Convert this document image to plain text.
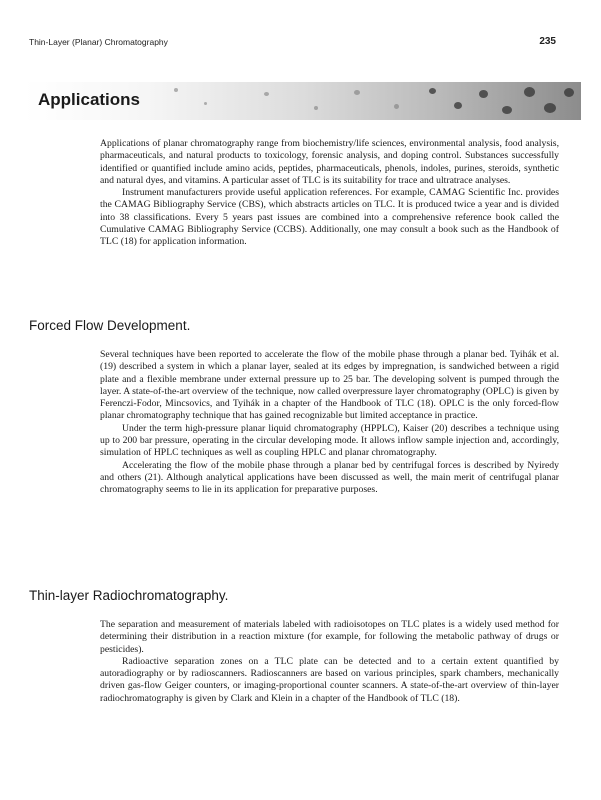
Thin-Layer (Planar) Chromatography	235
Applications

Applications of planar chromatography range from biochemistry/life sciences, environmental analysis, food analysis, pharmaceuticals, and natural products to toxicology, forensic analysis, and doping control. Substances successfully identified or quantified include amino acids, peptides, pharmaceuticals, phenols, indoles, purines, steroids, synthetic and natural dyes, and vitamins. A particular asset of TLC is its suitability for trace and ultratrace analyses.

Instrument manufacturers provide useful application references. For example, CAMAG Scientific Inc. provides the CAMAG Bibliography Service (CBS), which abstracts articles on TLC. It is produced twice a year and is divided into 38 classifications. Every 5 years past issues are combined into a comprehensive reference book called the Cumulative CAMAG Bibliography Service (CCBS). Additionally, one may consult a book such as the Handbook of TLC (18) for application information.

Forced Flow Development.

Several techniques have been reported to accelerate the flow of the mobile phase through a planar bed. Tyihák et al. (19) described a system in which a planar layer, sealed at its edges by impregnation, is sandwiched between a rigid plate and a flexible membrane under external pressure up to 25 bar. The developing solvent is pumped through the layer. A state-of-the-art overview of the technique, now called overpressure layer chromatography (OPLC) is given by Ferenczi-Fodor, Mincsovics, and Tyihák in a chapter of the Handbook of TLC (18). OPLC is the only forced-flow planar chromatography technique that has gained recognizable but limited acceptance in practice.

Under the term high-pressure planar liquid chromatography (HPPLC), Kaiser (20) describes a technique using up to 200 bar pressure, operating in the circular developing mode. It allows inflow sample injection and, accordingly, simulation of HPLC techniques as well as coupling HPLC and planar chromatography.

Accelerating the flow of the mobile phase through a planar bed by centrifugal forces is described by Nyiredy and others (21). Although analytical applications have been discussed as well, the main merit of centrifugal planar chromatography seems to lie in its application for preparative purposes.

Thin-layer Radiochromatography.

The separation and measurement of materials labeled with radioisotopes on TLC plates is a widely used method for determining their distribution in a reaction mixture (for example, for following the metabolic pathway of drugs or pesticides).

Radioactive separation zones on a TLC plate can be detected and to a certain extent quantified by autoradiography or by radioscanners. Radioscanners are based on various principles, spark chambers, mechanically driven gas-flow Geiger counters, or imaging-proportional counter scanners. A state-of-the-art overview of thin-layer radiochromatography is given by Clark and Klein in a chapter of the Handbook of TLC (18).
